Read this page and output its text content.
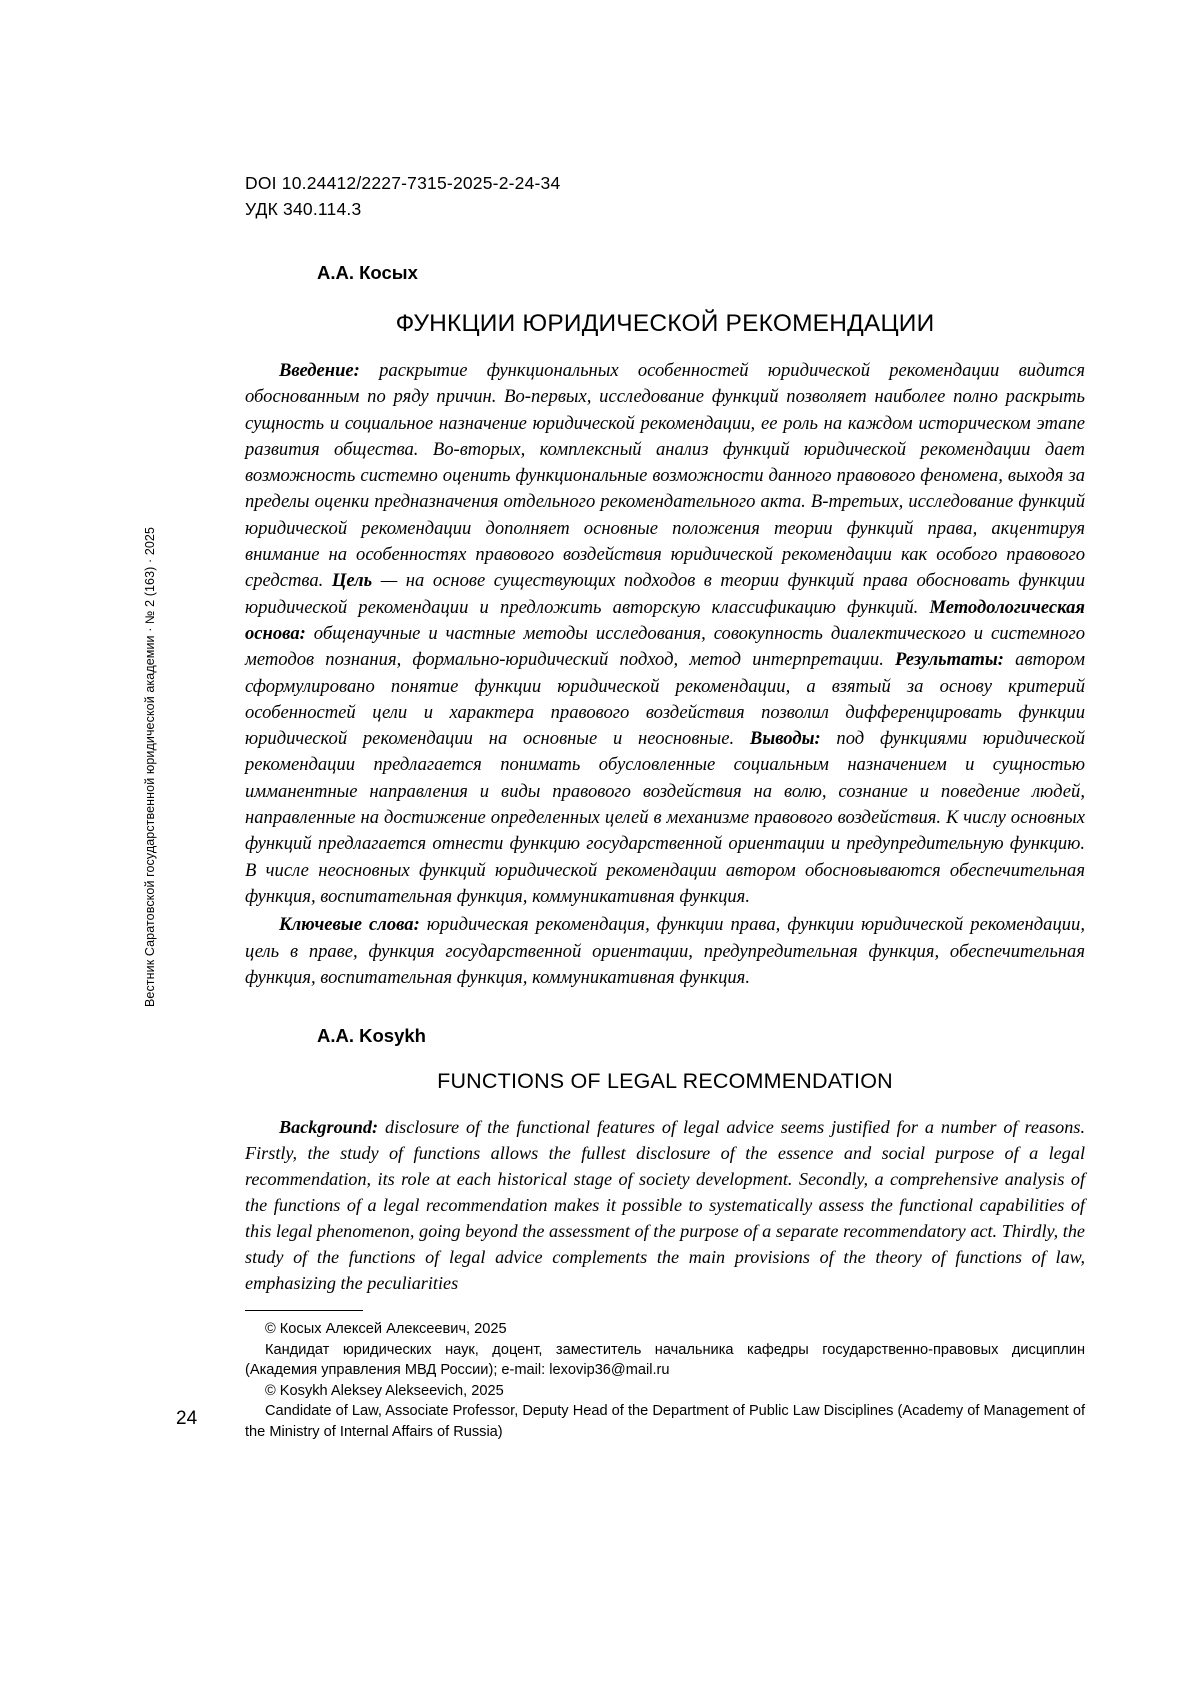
Вестник Саратовской государственной юридической академии · № 2 (163) · 2025
24
DOI 10.24412/2227-7315-2025-2-24-34
УДК 340.114.3
А.А. Косых
ФУНКЦИИ ЮРИДИЧЕСКОЙ РЕКОМЕНДАЦИИ
Введение: раскрытие функциональных особенностей юридической рекомендации видится обоснованным по ряду причин. Во-первых, исследование функций позволяет наиболее полно раскрыть сущность и социальное назначение юридической рекомендации, ее роль на каждом историческом этапе развития общества. Во-вторых, комплексный анализ функций юридической рекомендации дает возможность системно оценить функциональные возможности данного правового феномена, выходя за пределы оценки предназначения отдельного рекомендательного акта. В-третьих, исследование функций юридической рекомендации дополняет основные положения теории функций права, акцентируя внимание на особенностях правового воздействия юридической рекомендации как особого правового средства. Цель — на основе существующих подходов в теории функций права обосновать функции юридической рекомендации и предложить авторскую классификацию функций. Методологическая основа: общенаучные и частные методы исследования, совокупность диалектического и системного методов познания, формально-юридический подход, метод интерпретации. Результаты: автором сформулировано понятие функции юридической рекомендации, а взятый за основу критерий особенностей цели и характера правового воздействия позволил дифференцировать функции юридической рекомендации на основные и неосновные. Выводы: под функциями юридической рекомендации предлагается понимать обусловленные социальным назначением и сущностью имманентные направления и виды правового воздействия на волю, сознание и поведение людей, направленные на достижение определенных целей в механизме правового воздействия. К числу основных функций предлагается отнести функцию государственной ориентации и предупредительную функцию. В числе неосновных функций юридической рекомендации автором обосновываются обеспечительная функция, воспитательная функция, коммуникативная функция.
Ключевые слова: юридическая рекомендация, функции права, функции юридической рекомендации, цель в праве, функция государственной ориентации, предупредительная функция, обеспечительная функция, воспитательная функция, коммуникативная функция.
A.A. Kosykh
FUNCTIONS OF LEGAL RECOMMENDATION
Background: disclosure of the functional features of legal advice seems justified for a number of reasons. Firstly, the study of functions allows the fullest disclosure of the essence and social purpose of a legal recommendation, its role at each historical stage of society development. Secondly, a comprehensive analysis of the functions of a legal recommendation makes it possible to systematically assess the functional capabilities of this legal phenomenon, going beyond the assessment of the purpose of a separate recommendatory act. Thirdly, the study of the functions of legal advice complements the main provisions of the theory of functions of law, emphasizing the peculiarities
© Косых Алексей Алексеевич, 2025
Кандидат юридических наук, доцент, заместитель начальника кафедры государственно-правовых дисциплин (Академия управления МВД России); e-mail: lexovip36@mail.ru
© Kosykh Aleksey Alekseevich, 2025
Candidate of Law, Associate Professor, Deputy Head of the Department of Public Law Disciplines (Academy of Management of the Ministry of Internal Affairs of Russia)
